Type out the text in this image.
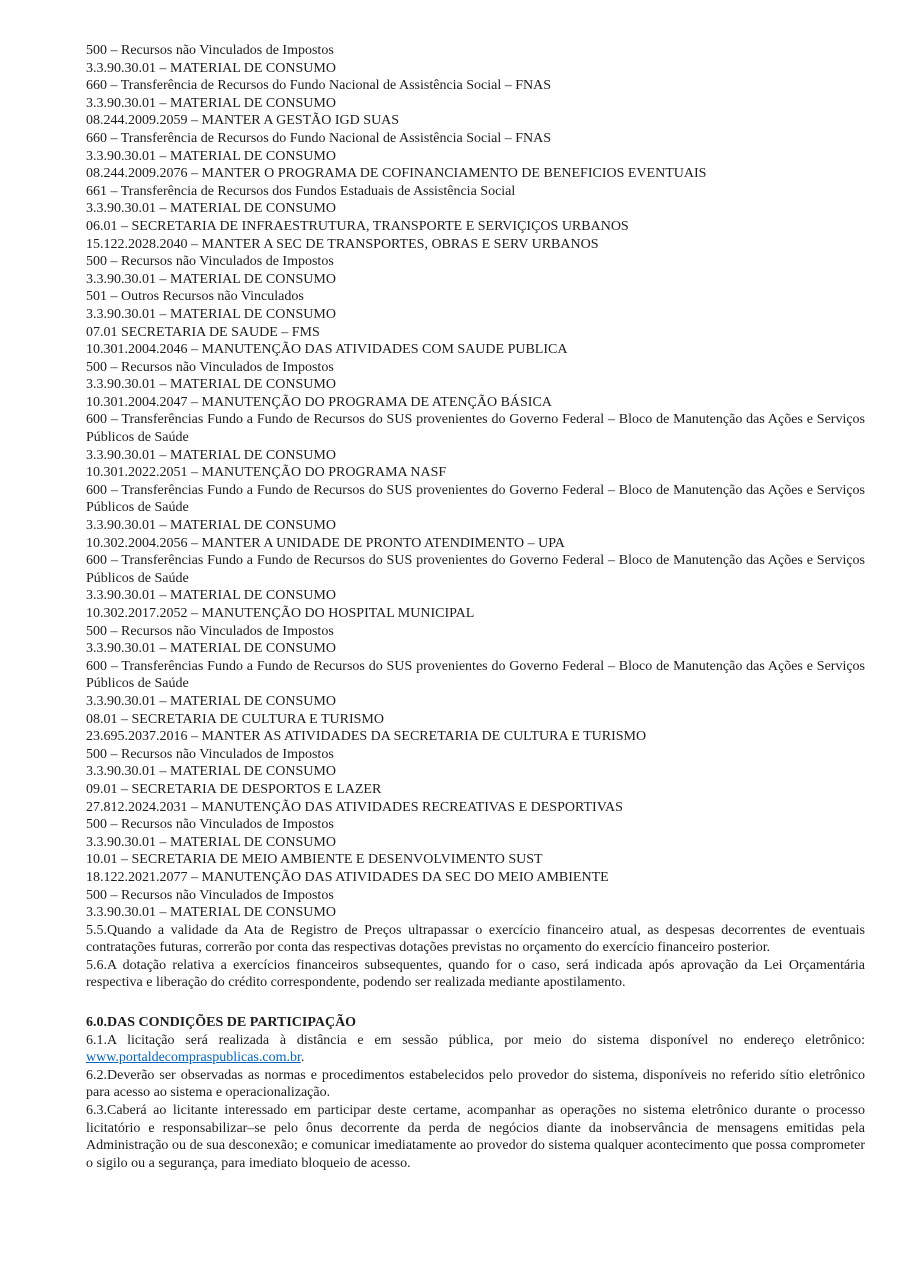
500 – Recursos não Vinculados de Impostos

3.3.90.30.01 – MATERIAL DE CONSUMO

660 – Transferência de Recursos do Fundo Nacional de Assistência Social – FNAS

3.3.90.30.01 – MATERIAL DE CONSUMO

08.244.2009.2059 – MANTER A GESTÃO IGD SUAS

660 – Transferência de Recursos do Fundo Nacional de Assistência Social – FNAS

3.3.90.30.01 – MATERIAL DE CONSUMO

08.244.2009.2076 – MANTER O PROGRAMA DE COFINANCIAMENTO DE BENEFICIOS EVENTUAIS

661 – Transferência de Recursos dos Fundos Estaduais de Assistência Social

3.3.90.30.01 – MATERIAL DE CONSUMO

06.01 – SECRETARIA DE INFRAESTRUTURA, TRANSPORTE E SERVIÇIÇOS URBANOS

15.122.2028.2040 – MANTER A SEC DE TRANSPORTES, OBRAS E SERV URBANOS

500 – Recursos não Vinculados de Impostos

3.3.90.30.01 – MATERIAL DE CONSUMO

501 – Outros Recursos não Vinculados

3.3.90.30.01 – MATERIAL DE CONSUMO

07.01 SECRETARIA DE SAUDE – FMS

10.301.2004.2046 – MANUTENÇÃO DAS ATIVIDADES COM SAUDE PUBLICA

500 – Recursos não Vinculados de Impostos

3.3.90.30.01 – MATERIAL DE CONSUMO

10.301.2004.2047 – MANUTENÇÃO DO PROGRAMA DE ATENÇÃO BÁSICA

600 – Transferências Fundo a Fundo de Recursos do SUS provenientes do Governo Federal – Bloco de Manutenção das Ações e Serviços Públicos de Saúde

3.3.90.30.01 – MATERIAL DE CONSUMO

10.301.2022.2051 – MANUTENÇÃO DO PROGRAMA NASF

600 – Transferências Fundo a Fundo de Recursos do SUS provenientes do Governo Federal – Bloco de Manutenção das Ações e Serviços Públicos de Saúde

3.3.90.30.01 – MATERIAL DE CONSUMO

10.302.2004.2056 – MANTER A UNIDADE DE PRONTO ATENDIMENTO – UPA

600 – Transferências Fundo a Fundo de Recursos do SUS provenientes do Governo Federal – Bloco de Manutenção das Ações e Serviços Públicos de Saúde

3.3.90.30.01 – MATERIAL DE CONSUMO

10.302.2017.2052 – MANUTENÇÃO DO HOSPITAL MUNICIPAL

500 – Recursos não Vinculados de Impostos

3.3.90.30.01 – MATERIAL DE CONSUMO

600 – Transferências Fundo a Fundo de Recursos do SUS provenientes do Governo Federal – Bloco de Manutenção das Ações e Serviços Públicos de Saúde

3.3.90.30.01 – MATERIAL DE CONSUMO

08.01 – SECRETARIA DE CULTURA E TURISMO

23.695.2037.2016 – MANTER AS ATIVIDADES DA SECRETARIA DE CULTURA E TURISMO

500 – Recursos não Vinculados de Impostos

3.3.90.30.01 – MATERIAL DE CONSUMO

09.01 – SECRETARIA DE DESPORTOS E LAZER

27.812.2024.2031 – MANUTENÇÃO DAS ATIVIDADES RECREATIVAS E DESPORTIVAS

500 – Recursos não Vinculados de Impostos

3.3.90.30.01 – MATERIAL DE CONSUMO

10.01 – SECRETARIA DE MEIO AMBIENTE E DESENVOLVIMENTO SUST

18.122.2021.2077 – MANUTENÇÃO DAS ATIVIDADES DA SEC DO MEIO AMBIENTE

500 – Recursos não Vinculados de Impostos

3.3.90.30.01 – MATERIAL DE CONSUMO

5.5.Quando a validade da Ata de Registro de Preços ultrapassar o exercício financeiro atual, as despesas decorrentes de eventuais contratações futuras, correrão por conta das respectivas dotações previstas no orçamento do exercício financeiro posterior.

5.6.A dotação relativa a exercícios financeiros subsequentes, quando for o caso, será indicada após aprovação da Lei Orçamentária respectiva e liberação do crédito correspondente, podendo ser realizada mediante apostilamento.

6.0.DAS CONDIÇÕES DE PARTICIPAÇÃO

6.1.A licitação será realizada à distância e em sessão pública, por meio do sistema disponível no endereço eletrônico: www.portaldecompraspublicas.com.br.

6.2.Deverão ser observadas as normas e procedimentos estabelecidos pelo provedor do sistema, disponíveis no referido sítio eletrônico para acesso ao sistema e operacionalização.

6.3.Caberá ao licitante interessado em participar deste certame, acompanhar as operações no sistema eletrônico durante o processo licitatório e responsabilizar–se pelo ônus decorrente da perda de negócios diante da inobservância de mensagens emitidas pela Administração ou de sua desconexão; e comunicar imediatamente ao provedor do sistema qualquer acontecimento que possa comprometer o sigilo ou a segurança, para imediato bloqueio de acesso.
